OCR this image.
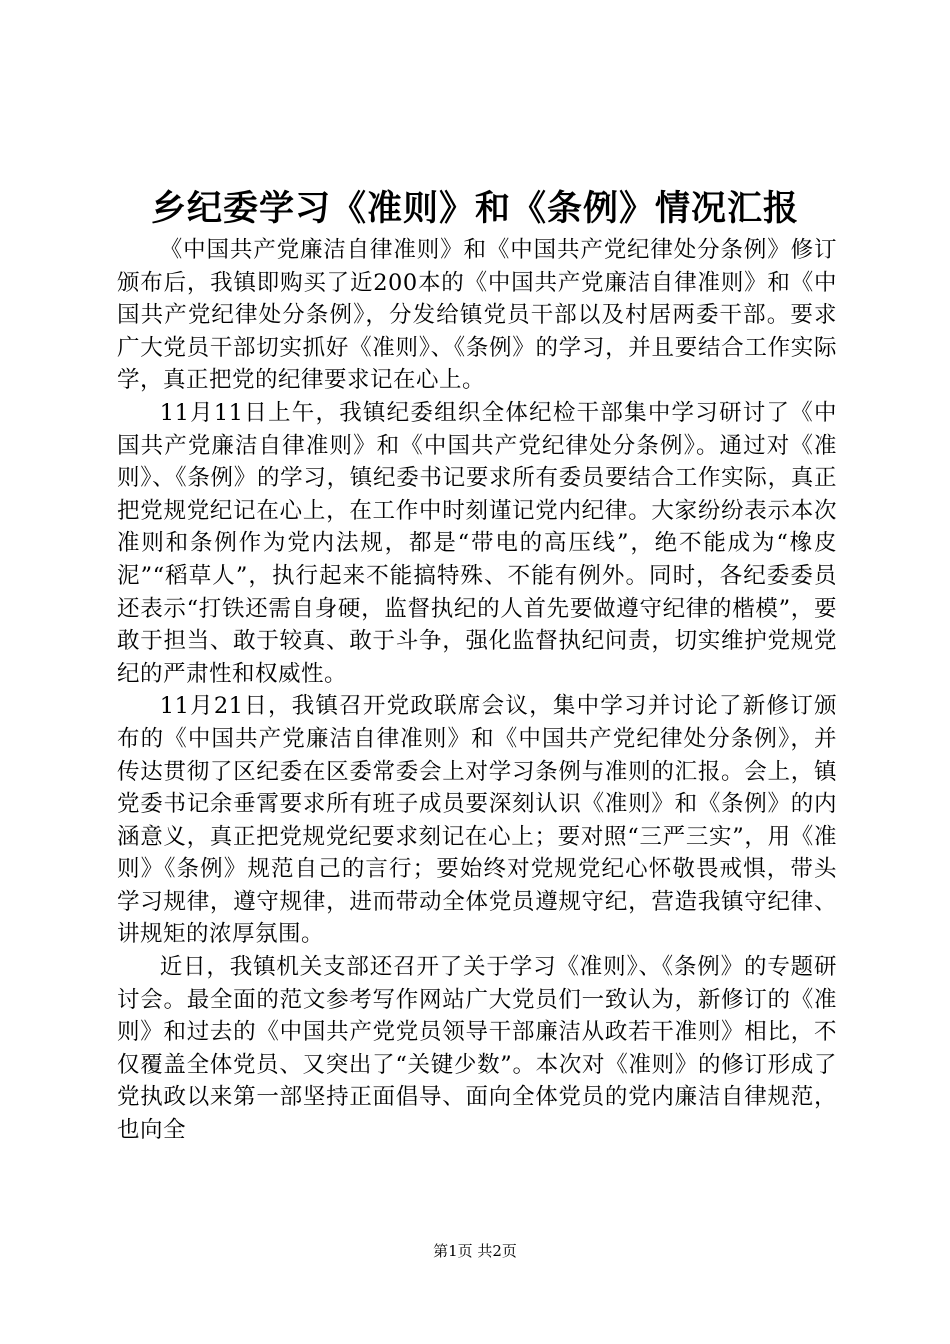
乡纪委学习《准则》和《条例》情况汇报

《中国共产党廉洁自律准则》和《中国共产党纪律处分条例》修订颁布后，我镇即购买了近200本的《中国共产党廉洁自律准则》和《中国共产党纪律处分条例》，分发给镇党员干部以及村居两委干部。要求广大党员干部切实抓好《准则》、《条例》的学习，并且要结合工作实际学，真正把党的纪律要求记在心上。

11月11日上午，我镇纪委组织全体纪检干部集中学习研讨了《中国共产党廉洁自律准则》和《中国共产党纪律处分条例》。通过对《准则》、《条例》的学习，镇纪委书记要求所有委员要结合工作实际，真正把党规党纪记在心上，在工作中时刻谨记党内纪律。大家纷纷表示本次准则和条例作为党内法规，都是“带电的高压线”，绝不能成为“橡皮泥”“稻草人”，执行起来不能搞特殊、不能有例外。同时，各纪委委员还表示“打铁还需自身硬，监督执纪的人首先要做遵守纪律的楷模”，要敢于担当、敢于较真、敢于斗争，强化监督执纪问责，切实维护党规党纪的严肃性和权威性。

11月21日，我镇召开党政联席会议，集中学习并讨论了新修订颁布的《中国共产党廉洁自律准则》和《中国共产党纪律处分条例》，并传达贯彻了区纪委在区委常委会上对学习条例与准则的汇报。会上，镇党委书记余垂霄要求所有班子成员要深刻认识《准则》和《条例》的内涵意义，真正把党规党纪要求刻记在心上；要对照“三严三实”，用《准则》《条例》规范自己的言行；要始终对党规党纪心怀敬畏戒惧，带头学习规律，遵守规律，进而带动全体党员遵规守纪，营造我镇守纪律、讲规矩的浓厚氛围。

近日，我镇机关支部还召开了关于学习《准则》、《条例》的专题研讨会。最全面的范文参考写作网站广大党员们一致认为，新修订的《准则》和过去的《中国共产党党员领导干部廉洁从政若干准则》相比，不仅覆盖全体党员、又突出了“关键少数”。本次对《准则》的修订形成了党执政以来第一部坚持正面倡导、面向全体党员的党内廉洁自律规范，也向全

第1页 共2页
